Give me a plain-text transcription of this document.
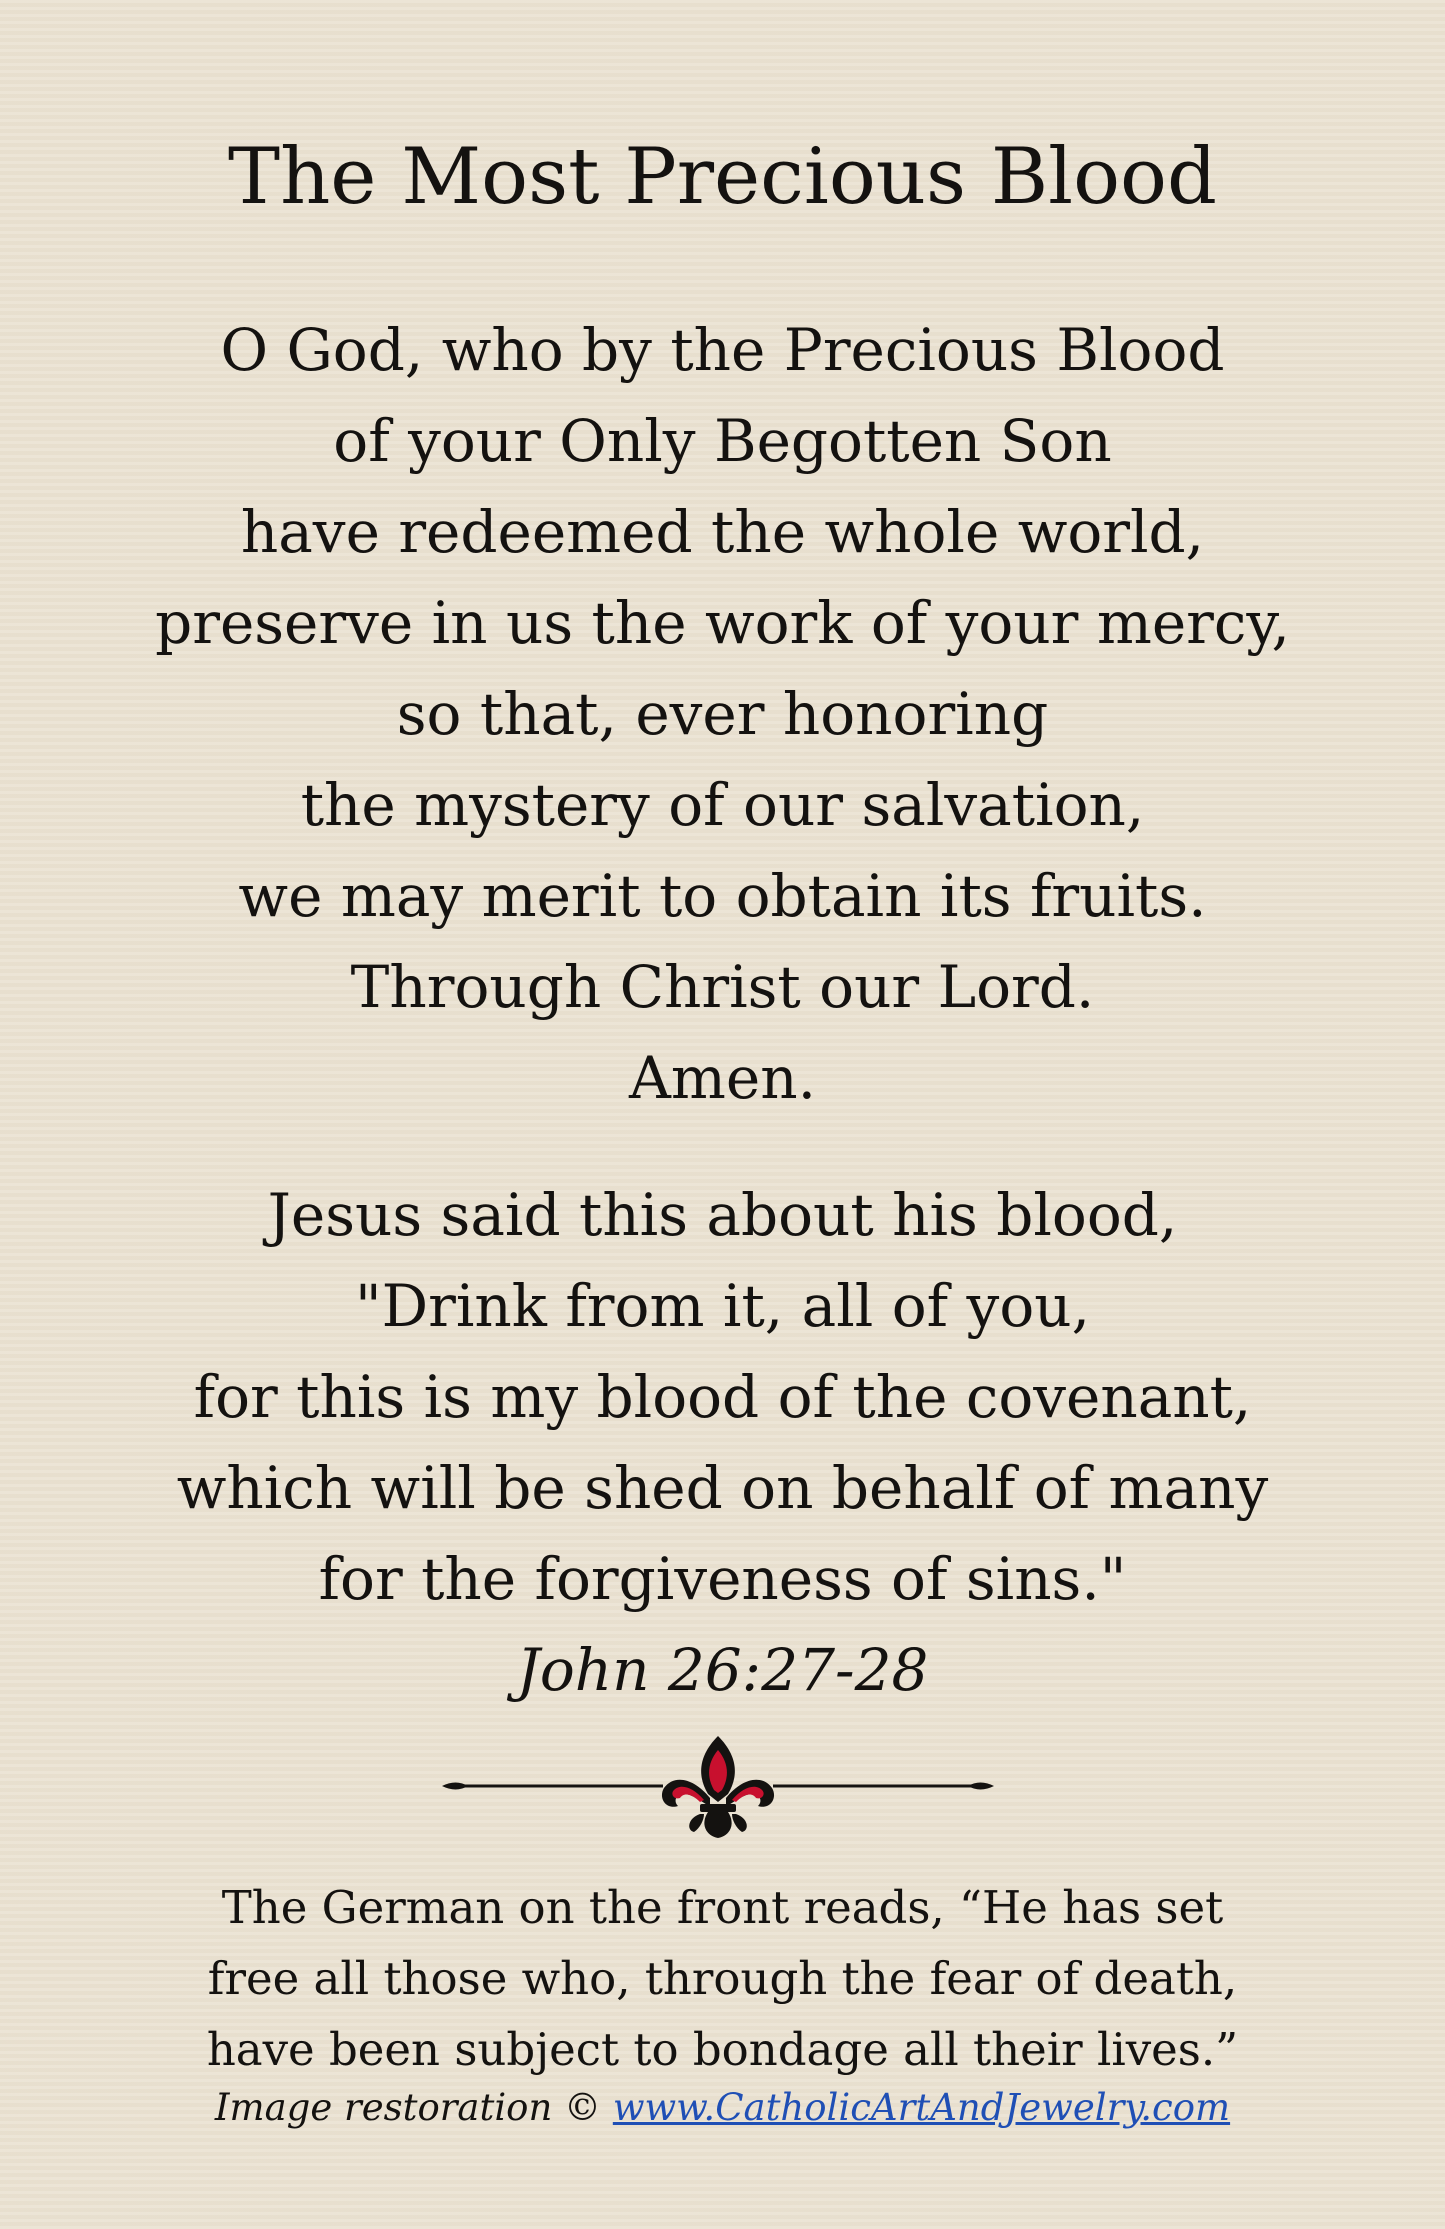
The Most Precious Blood

O God, who by the Precious Blood
of your Only Begotten Son
have redeemed the whole world,
preserve in us the work of your mercy,
so that, ever honoring
the mystery of our salvation,
we may merit to obtain its fruits.
Through Christ our Lord.
Amen.

Jesus said this about his blood,
"Drink from it, all of you,
for this is my blood of the covenant,
which will be shed on behalf of many
for the forgiveness of sins."
John 26:27-28

The German on the front reads, “He has set
free all those who, through the fear of death,
have been subject to bondage all their lives.”

Image restoration © www.CatholicArtAndJewelry.com
